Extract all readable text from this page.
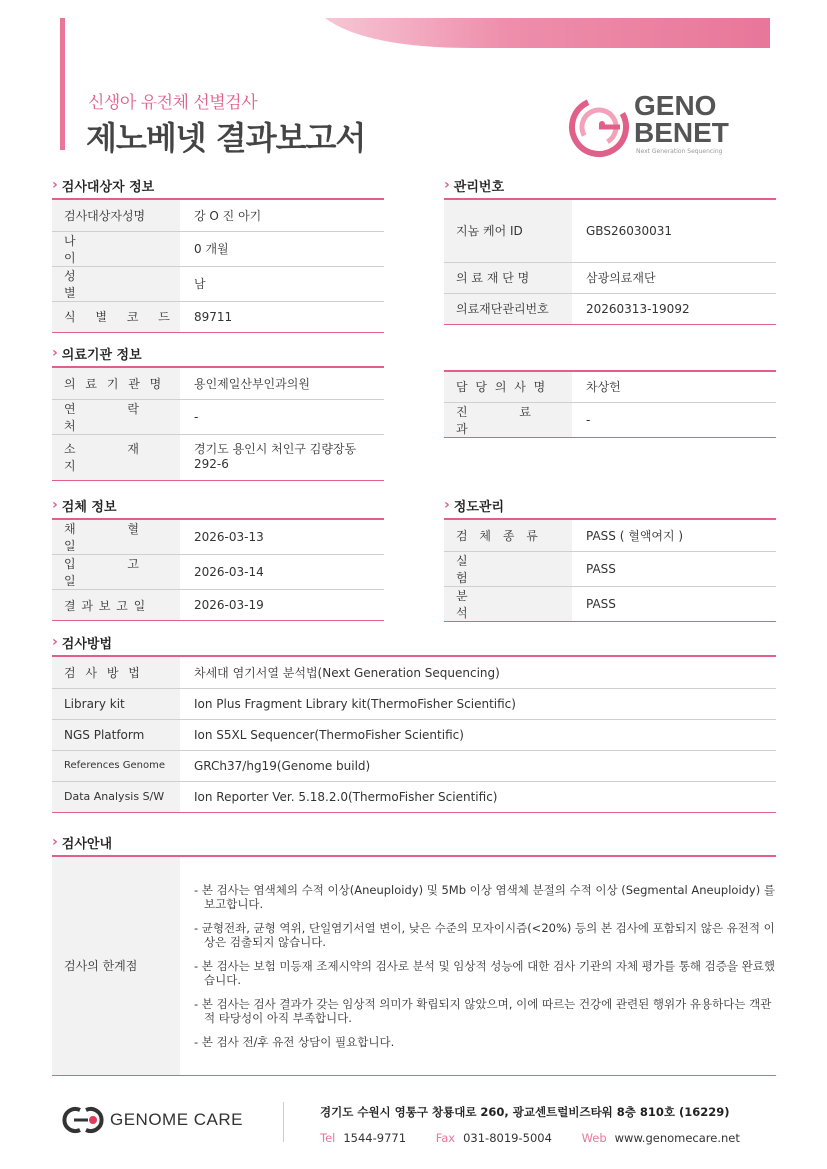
신생아 유전체 선별검사
제노베넷 결과보고서
GENO
BENET
Next Generation Sequencing
› 검사대상자 정보
검사대상자성명	강 O 진 아기
나 이	0 개월
성 별	남
식 별 코 드	89711
› 관리번호
지놈 케어 ID	GBS26030031
의 료 재 단 명	삼광의료재단
의료재단관리번호	20260313-19092
› 의료기관 정보
의 료 기 관 명	용인제일산부인과의원
연 락 처	-
소 재 지	경기도 용인시 처인구 김량장동 292-6
담 당 의 사 명	차상헌
진 료 과	-
› 검체 정보
채 혈 일	2026-03-13
입 고 일	2026-03-14
결 과 보 고 일	2026-03-19
› 정도관리
검 체 종 류	PASS ( 혈액여지 )
실 험	PASS
분 석	PASS
› 검사방법
검 사 방 법	차세대 염기서열 분석법(Next Generation Sequencing)
Library kit	Ion Plus Fragment Library kit(ThermoFisher Scientific)
NGS Platform	Ion S5XL Sequencer(ThermoFisher Scientific)
References Genome	GRCh37/hg19(Genome build)
Data Analysis S/W	Ion Reporter Ver. 5.18.2.0(ThermoFisher Scientific)
› 검사안내
검사의 한계점	
- 본 검사는 염색체의 수적 이상(Aneuploidy) 및 5Mb 이상 염색체 분절의 수적 이상 (Segmental Aneuploidy) 를 보고합니다.
- 균형전좌, 균형 역위, 단일염기서열 변이, 낮은 수준의 모자이시즘(<20%) 등의 본 검사에 포함되지 않은 유전적 이상은 검출되지 않습니다.
- 본 검사는 보험 미등재 조제시약의 검사로 분석 및 임상적 성능에 대한 검사 기관의 자체 평가를 통해 검증을 완료했습니다.
- 본 검사는 검사 결과가 갖는 임상적 의미가 확립되지 않았으며, 이에 따르는 건강에 관련된 행위가 유용하다는 객관적 타당성이 아직 부족합니다.
- 본 검사 전/후 유전 상담이 필요합니다.
GENOME CARE	경기도 수원시 영통구 창룡대로 260, 광교센트럴비즈타워 8층 810호 (16229)
Tel 1544-9771	Fax 031-8019-5004	Web www.genomecare.net
